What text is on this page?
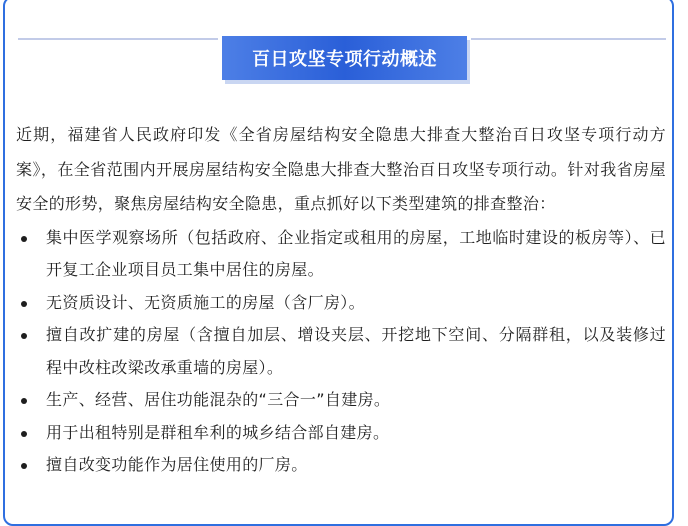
百日攻坚专项行动概述

近期，福建省人民政府印发《全省房屋结构安全隐患大排查大整治百日攻坚专项行动方案》，在全省范围内开展房屋结构安全隐患大排查大整治百日攻坚专项行动。针对我省房屋安全的形势，聚焦房屋结构安全隐患，重点抓好以下类型建筑的排查整治：

集中医学观察场所（包括政府、企业指定或租用的房屋，工地临时建设的板房等）、已开复工企业项目员工集中居住的房屋。
无资质设计、无资质施工的房屋（含厂房）。
擅自改扩建的房屋（含擅自加层、增设夹层、开挖地下空间、分隔群租，以及装修过程中改柱改梁改承重墙的房屋）。
生产、经营、居住功能混杂的“三合一”自建房。
用于出租特别是群租牟利的城乡结合部自建房。
擅自改变功能作为居住使用的厂房。
